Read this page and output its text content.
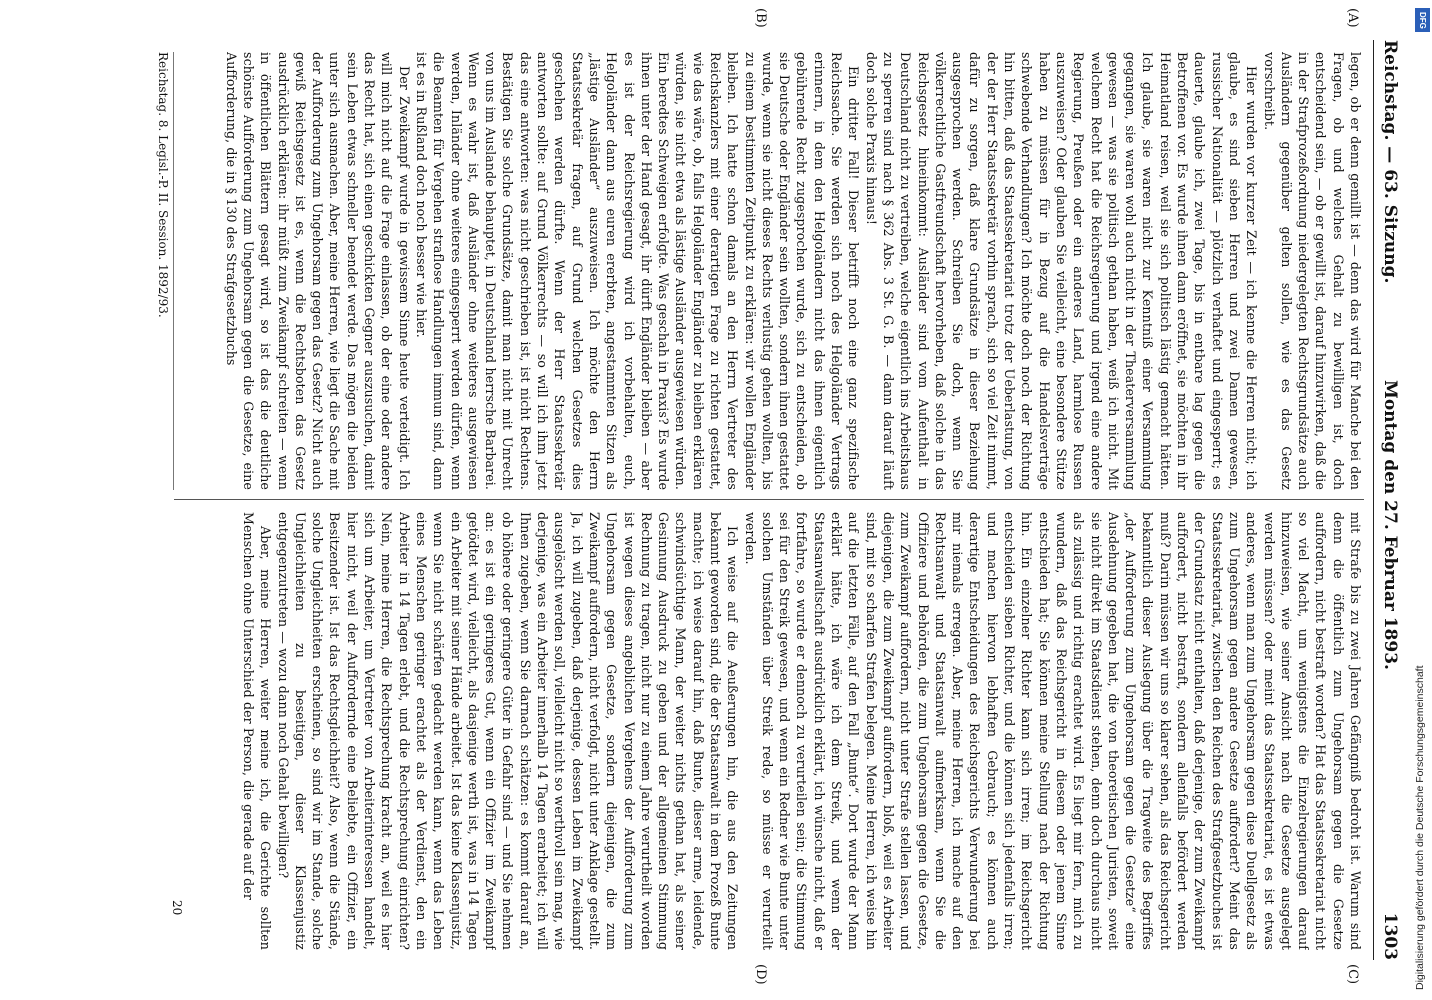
Reichstag. — 63. Sitzung.
Montag den 27. Februar 1893.
1303
(A)
(B)
(C)
(D)

legen, ob er denn gemillt ist — denn das wird für Manche bei den Fragen, ob und welches Gehalt zu bewilligen ist, doch entscheidend sein, — ob er gewillt ist, darauf hinzuwirken, daß die in der Strafprozeßordnung niedergelegten Rechtsgrundsätze auch Ausländern gegenüber gelten sollen, wie es das Gesetz vorschreibt.

Hier wurden vor kurzer Zeit — ich kenne die Herren nicht; ich glaube, es sind sieben Herren und zwei Damen gewesen, russischer Nationalität — plötzlich verhaftet und eingesperrt; es dauerte, glaube ich, zwei Tage, bis in entbare lag gegen die Betroffenen vor. Es wurde ihnen dann eröffnet, sie möchten in ihr Heimatland reisen, weil sie sich politisch lästig gemacht hätten. Ich glaube, sie waren nicht zur Kenntniß einer Versammlung gegangen, sie waren wohl auch nicht in der Theaterversammlung gewesen — was sie politisch gethan haben, weiß ich nicht. Mit welchem Recht hat die Reichsregierung und irgend eine andere Regierung, Preußen oder ein anderes Land, harmlose Russen auszuweisen? Oder glauben Sie vielleicht, eine besondere Stütze haben zu müssen für in Bezug auf die Handelsverträge schwebende Verhandlungen? Ich möchte doch noch der Richtung hin bitten, daß das Staatssekretariat trotz der Ueberlastung, von der der Herr Staatssekretär vorhin sprach, sich so viel Zeit nimmt, dafür zu sorgen, daß klare Grundsätze in dieser Beziehung ausgesprochen werden. Schreiben Sie doch, wenn Sie völkerrechtliche Gastfreundschaft hervorheben, daß solche in das Reichsgesetz hineinkommt: Ausländer sind vom Aufenthalt in Deutschland nicht zu vertreiben, welche eigentlich ins Arbeitshaus zu sperren sind nach § 362 Abs. 3 St. G. B. — dann darauf läuft doch solche Praxis hinaus!

Ein dritter Fall! Dieser betrifft noch eine ganz spezifische Reichssache. Sie werden sich noch des Helgoländer Vertrags erinnern, in dem den Helgoländern nicht das ihnen eigentlich gebührende Recht zugesprochen wurde, sich zu entscheiden, ob sie Deutsche oder Engländer sein wollten, sondern ihnen gestattet wurde, wenn sie nicht dieses Rechts verlustig gehen wollten, bis zu einem bestimmten Zeitpunkt zu erklären: wir wollen Engländer bleiben. Ich hatte schon damals an den Herrn Vertreter des Reichskanzlers mit einer derartigen Frage zu richten gestattet, wie das wäre, ob, falls Helgoländer Engländer zu bleiben erklären würden, sie nicht etwa als lästige Ausländer ausgewiesen würden. Ein beredtes Schweigen erfolgte. Was geschah in Praxis? Es wurde ihnen unter der Hand gesagt, ihr dürft Engländer bleiben — aber es ist der Reichsregierung wird ich vorbehalten, euch, Helgoländer dann aus euren ererbten, angestammten Sitzen als „lästige Ausländer“ auszuweisen. Ich möchte den Herrn Staatssekretär fragen, auf Grund welchen Gesetzes dies geschehen werden dürfte. Wenn der Herr Staatssekretär antworten sollte: auf Grund Völkerrechts — so will ich ihm jetzt das eine antworten: was nicht geschrieben ist, ist nicht Rechtens. Bestätigen Sie solche Grundsätze, damit man nicht mit Unrecht von uns im Auslande behauptet, in Deutschland herrsche Barbarei. Wenn es wahr ist, daß Ausländer ohne weiteres ausgewiesen werden, Inländer ohne weiteres eingesperrt werden dürfen, wenn die Beamten für Vergehen straflose Handlungen immun sind, dann ist es in Rußland doch noch besser wie hier.

Der Zweikampf wurde in gewissem Sinne heute verteidigt. Ich will mich nicht auf die Frage einlassen, ob der eine oder andere das Recht hat, sich einen geschickten Gegner auszusuchen, damit sein Leben etwas schneller beendet werde. Das mögen die beiden unter sich ausmachen. Aber, meine Herren, wie liegt die Sache mit der Aufforderung zum Ungehorsam gegen das Gesetz? Nicht auch gewiß Reichsgesetz ist es, wenn die Rechtsboten das Gesetz ausdrücklich erklären: ihr müßt zum Zweikampf schreiten — wenn in öffentlichen Blättern gesagt wird, so ist das die deutliche schönste Aufforderung zum Ungehorsam gegen die Gesetze, eine Aufforderung, die in § 130 des Strafgesetzbuchs

mit Strafe bis zu zwei Jahren Gefängniß bedroht ist. Warum sind denn die öffentlich zum Ungehorsam gegen die Gesetze auffordern, nicht bestraft worden? Hat das Staatssekretariat nicht so viel Macht, um wenigstens die Einzelregierungen darauf hinzuweisen, wie seiner Ansicht nach die Gesetze ausgelegt werden müssen? oder meint das Staatssekretariat, es ist etwas anderes, wenn man zum Ungehorsam gegen diese Duellgesetz als zum Ungehorsam gegen andere Gesetze auffordert? Meint das Staatssekretariat, zwischen den Reichen des Strafgesetzbuches ist der Grundsatz nicht enthalten, daß derjenige, der zum Zweikampf auffordert, nicht bestraft, sondern allenfalls befördert werden muß? Darin müssen wir uns so klarer sehen, als das Reichsgericht bekanntlich dieser Auslegung über die Tragweite des Begriffes „der Aufforderung zum Ungehorsam gegen die Gesetze“ eine Ausdehnung gegeben hat, die von theoretischen Juristen, soweit sie nicht direkt im Staatsdienst stehen, denn doch durchaus nicht als zulässig und richtig erachtet wird. Es liegt mir fern, mich zu wundern, daß das Reichsgericht in diesem oder jenem Sinne entschieden hat; Sie können meine Stellung nach der Richtung hin. Ein einzelner Richter kann sich irren; im Reichsgericht entscheiden sieben Richter, und die können sich jedenfalls irren; und machen hiervon lebhaften Gebrauch; es können auch derartige Entscheidungen des Reichsgerichts Verwunderung bei mir niemals erregen. Aber, meine Herren, ich mache auf den Rechtsanwalt und Staatsanwalt aufmerksam, wenn Sie die Offiziere und Behörden, die zum Ungehorsam gegen die Gesetze, zum Zweikampf auffordern, nicht unter Strafe stellen lassen, und diejenigen, die zum Zweikampf auffordern, bloß, weil es Arbeiter sind, mit so scharfen Strafen belegen. Meine Herren, ich weise hin auf die letzten Fälle, auf den Fall „Bunte“. Dort wurde der Mann erklärt hätte, ich wäre ich dem Streik, und wenn der Staatsanwaltschaft ausdrücklich erklärt, ich wünsche nicht, daß er fortfahre, so wurde er dennoch zu verurteilen sein; die Stimmung sei für den Streik gewesen, und wenn ein Redner wie Bunte unter solchen Umständen über Streik rede, so müsse er verurteilt werden.

Ich weise auf die Aeußerungen hin, die aus den Zeitungen bekannt geworden sind, die der Staatsanwalt in dem Prozeß Bunte machte; ich weise darauf hin, daß Bunte, dieser arme, leidende, schwindsüchtige Mann, der weiter nichts gethan hat, als seiner Gesinnung Ausdruck zu geben und der allgemeinen Stimmung Rechnung zu tragen, nicht nur zu einem Jahre verurtheilt worden ist wegen dieses angeblichen Vergehens der Aufforderung zum Ungehorsam gegen Gesetze, sondern diejenigen, die zum Zweikampf auffordern, nicht verfolgt, nicht unter Anklage gestellt. Ja, ich will zugeben, daß derjenige, dessen Leben im Zweikampf ausgelöscht werden soll, vielleicht nicht so werthvoll sein mag, wie derjenige, was ein Arbeiter innerhalb 14 Tagen erarbeitet; ich will Ihnen zugeben, wenn Sie darnach schätzen: es kommt darauf an, ob höhere oder geringere Güter in Gefahr sind — und Sie nehmen an: es ist ein geringeres Gut, wenn ein Offizier im Zweikampf getödtet wird, vielleicht, als dasjenige werth ist, was in 14 Tagen ein Arbeiter mit seiner Hände arbeitet. Ist das keine Klassenjustiz, wenn Sie nicht schärfen gedacht werden kann, wenn das Leben eines Menschen geringer erachtet als der Verdienst, den ein Arbeiter in 14 Tagen erlebt, und die Rechtsprechung einrichten? Nein, meine Herren, die Rechtsprechung kracht an, weil es hier sich um Arbeiter, um Vertreter von Arbeiterinteressen handelt, hier nicht, weil der Auffordernde eine Beliebte, ein Offizier, ein Besitzender ist. Ist das Rechtsgleichheit? Also, wenn die Stände, solche Ungleichheiten erscheinen, so sind wir im Stande, solche Ungleichheiten zu beseitigen, dieser Klassenjustiz entgegenzutreten — wozu dann noch Gehalt bewilligen?

Aber, meine Herren, weiter meine ich, die Gerichte sollten Menschen ohne Unterschied der Person, die gerade auf der

Reichstag. 8. Legisl.-P. II. Session. 1892/93.
20
DFG
Digitalisierung gefördert durch die Deutsche Forschungsgemeinschaft
